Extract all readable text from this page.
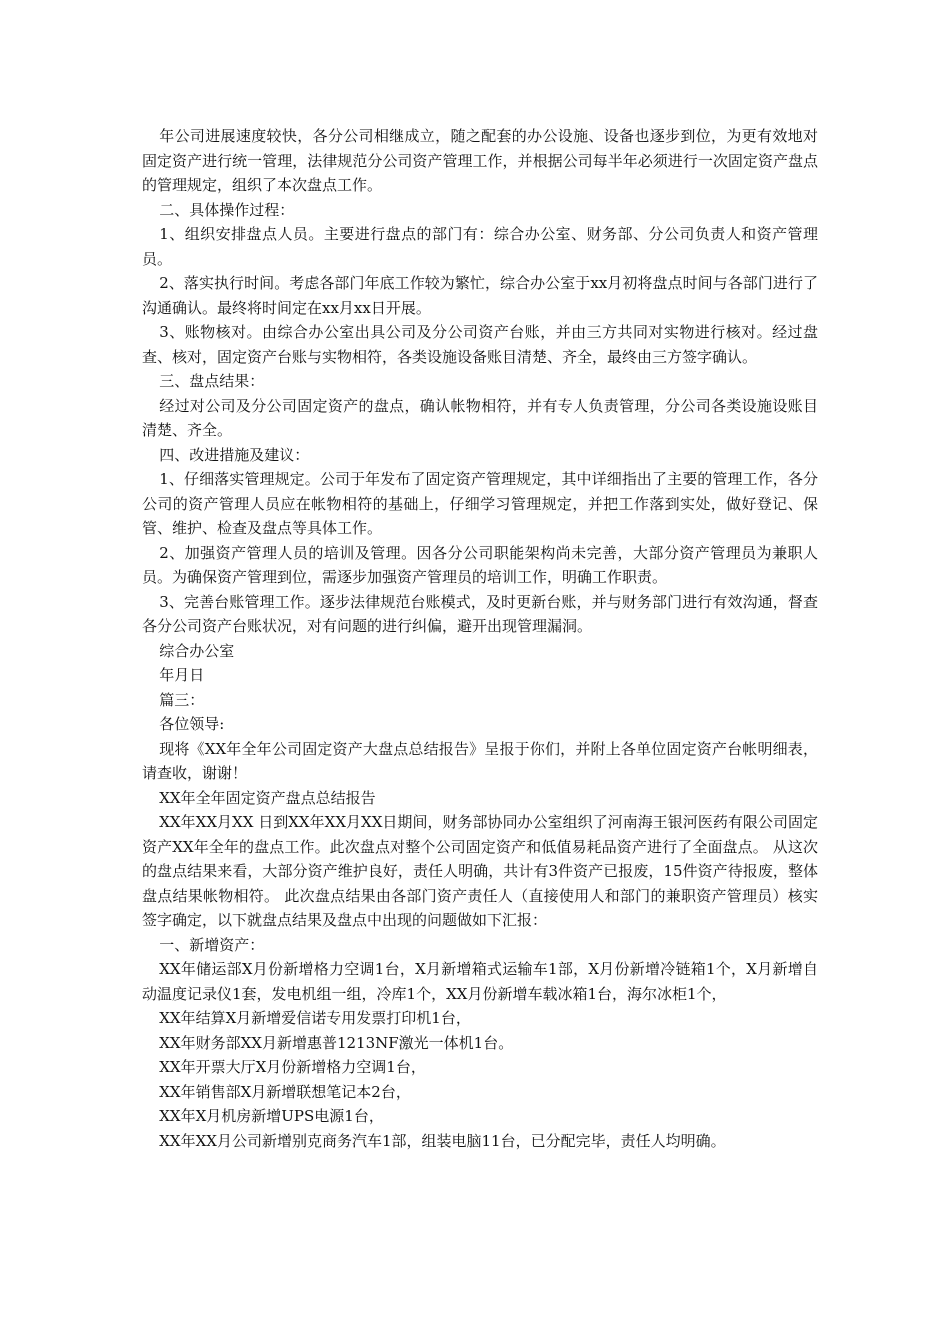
年公司进展速度较快，各分公司相继成立，随之配套的办公设施、设备也逐步到位，为更有效地对固定资产进行统一管理，法律规范分公司资产管理工作，并根据公司每半年必须进行一次固定资产盘点的管理规定，组织了本次盘点工作。

二、具体操作过程：

1、组织安排盘点人员。主要进行盘点的部门有：综合办公室、财务部、分公司负责人和资产管理员。

2、落实执行时间。考虑各部门年底工作较为繁忙，综合办公室于xx月初将盘点时间与各部门进行了沟通确认。最终将时间定在xx月xx日开展。

3、账物核对。由综合办公室出具公司及分公司资产台账，并由三方共同对实物进行核对。经过盘查、核对，固定资产台账与实物相符，各类设施设备账目清楚、齐全，最终由三方签字确认。

三、盘点结果：

经过对公司及分公司固定资产的盘点，确认帐物相符，并有专人负责管理，分公司各类设施设账目清楚、齐全。

四、改进措施及建议：

1、仔细落实管理规定。公司于年发布了固定资产管理规定，其中详细指出了主要的管理工作，各分公司的资产管理人员应在帐物相符的基础上，仔细学习管理规定，并把工作落到实处，做好登记、保管、维护、检查及盘点等具体工作。

2、加强资产管理人员的培训及管理。因各分公司职能架构尚未完善，大部分资产管理员为兼职人员。为确保资产管理到位，需逐步加强资产管理员的培训工作，明确工作职责。

3、完善台账管理工作。逐步法律规范台账模式，及时更新台账，并与财务部门进行有效沟通，督查各分公司资产台账状况，对有问题的进行纠偏，避开出现管理漏洞。

综合办公室

年月日

篇三：

各位领导:

现将《XX年全年公司固定资产大盘点总结报告》呈报于你们，并附上各单位固定资产台帐明细表，请查收，谢谢！

XX年全年固定资产盘点总结报告

XX年XX月XX 日到XX年XX月XX日期间，财务部协同办公室组织了河南海王银河医药有限公司固定资产XX年全年的盘点工作。此次盘点对整个公司固定资产和低值易耗品资产进行了全面盘点。 从这次的盘点结果来看，大部分资产维护良好，责任人明确，共计有3件资产已报废，15件资产待报废，整体盘点结果帐物相符。 此次盘点结果由各部门资产责任人（直接使用人和部门的兼职资产管理员）核实签字确定，以下就盘点结果及盘点中出现的问题做如下汇报：

一、新增资产：

XX年储运部X月份新增格力空调1台，X月新增箱式运输车1部，X月份新增冷链箱1个，X月新增自动温度记录仪1套，发电机组一组，冷库1个，XX月份新增车载冰箱1台，海尔冰柜1个，

XX年结算X月新增爱信诺专用发票打印机1台，

XX年财务部XX月新增惠普1213NF激光一体机1台。

XX年开票大厅X月份新增格力空调1台，

XX年销售部X月新增联想笔记本2台，

XX年X月机房新增UPS电源1台，

XX年XX月公司新增别克商务汽车1部，组装电脑11台，已分配完毕，责任人均明确。
